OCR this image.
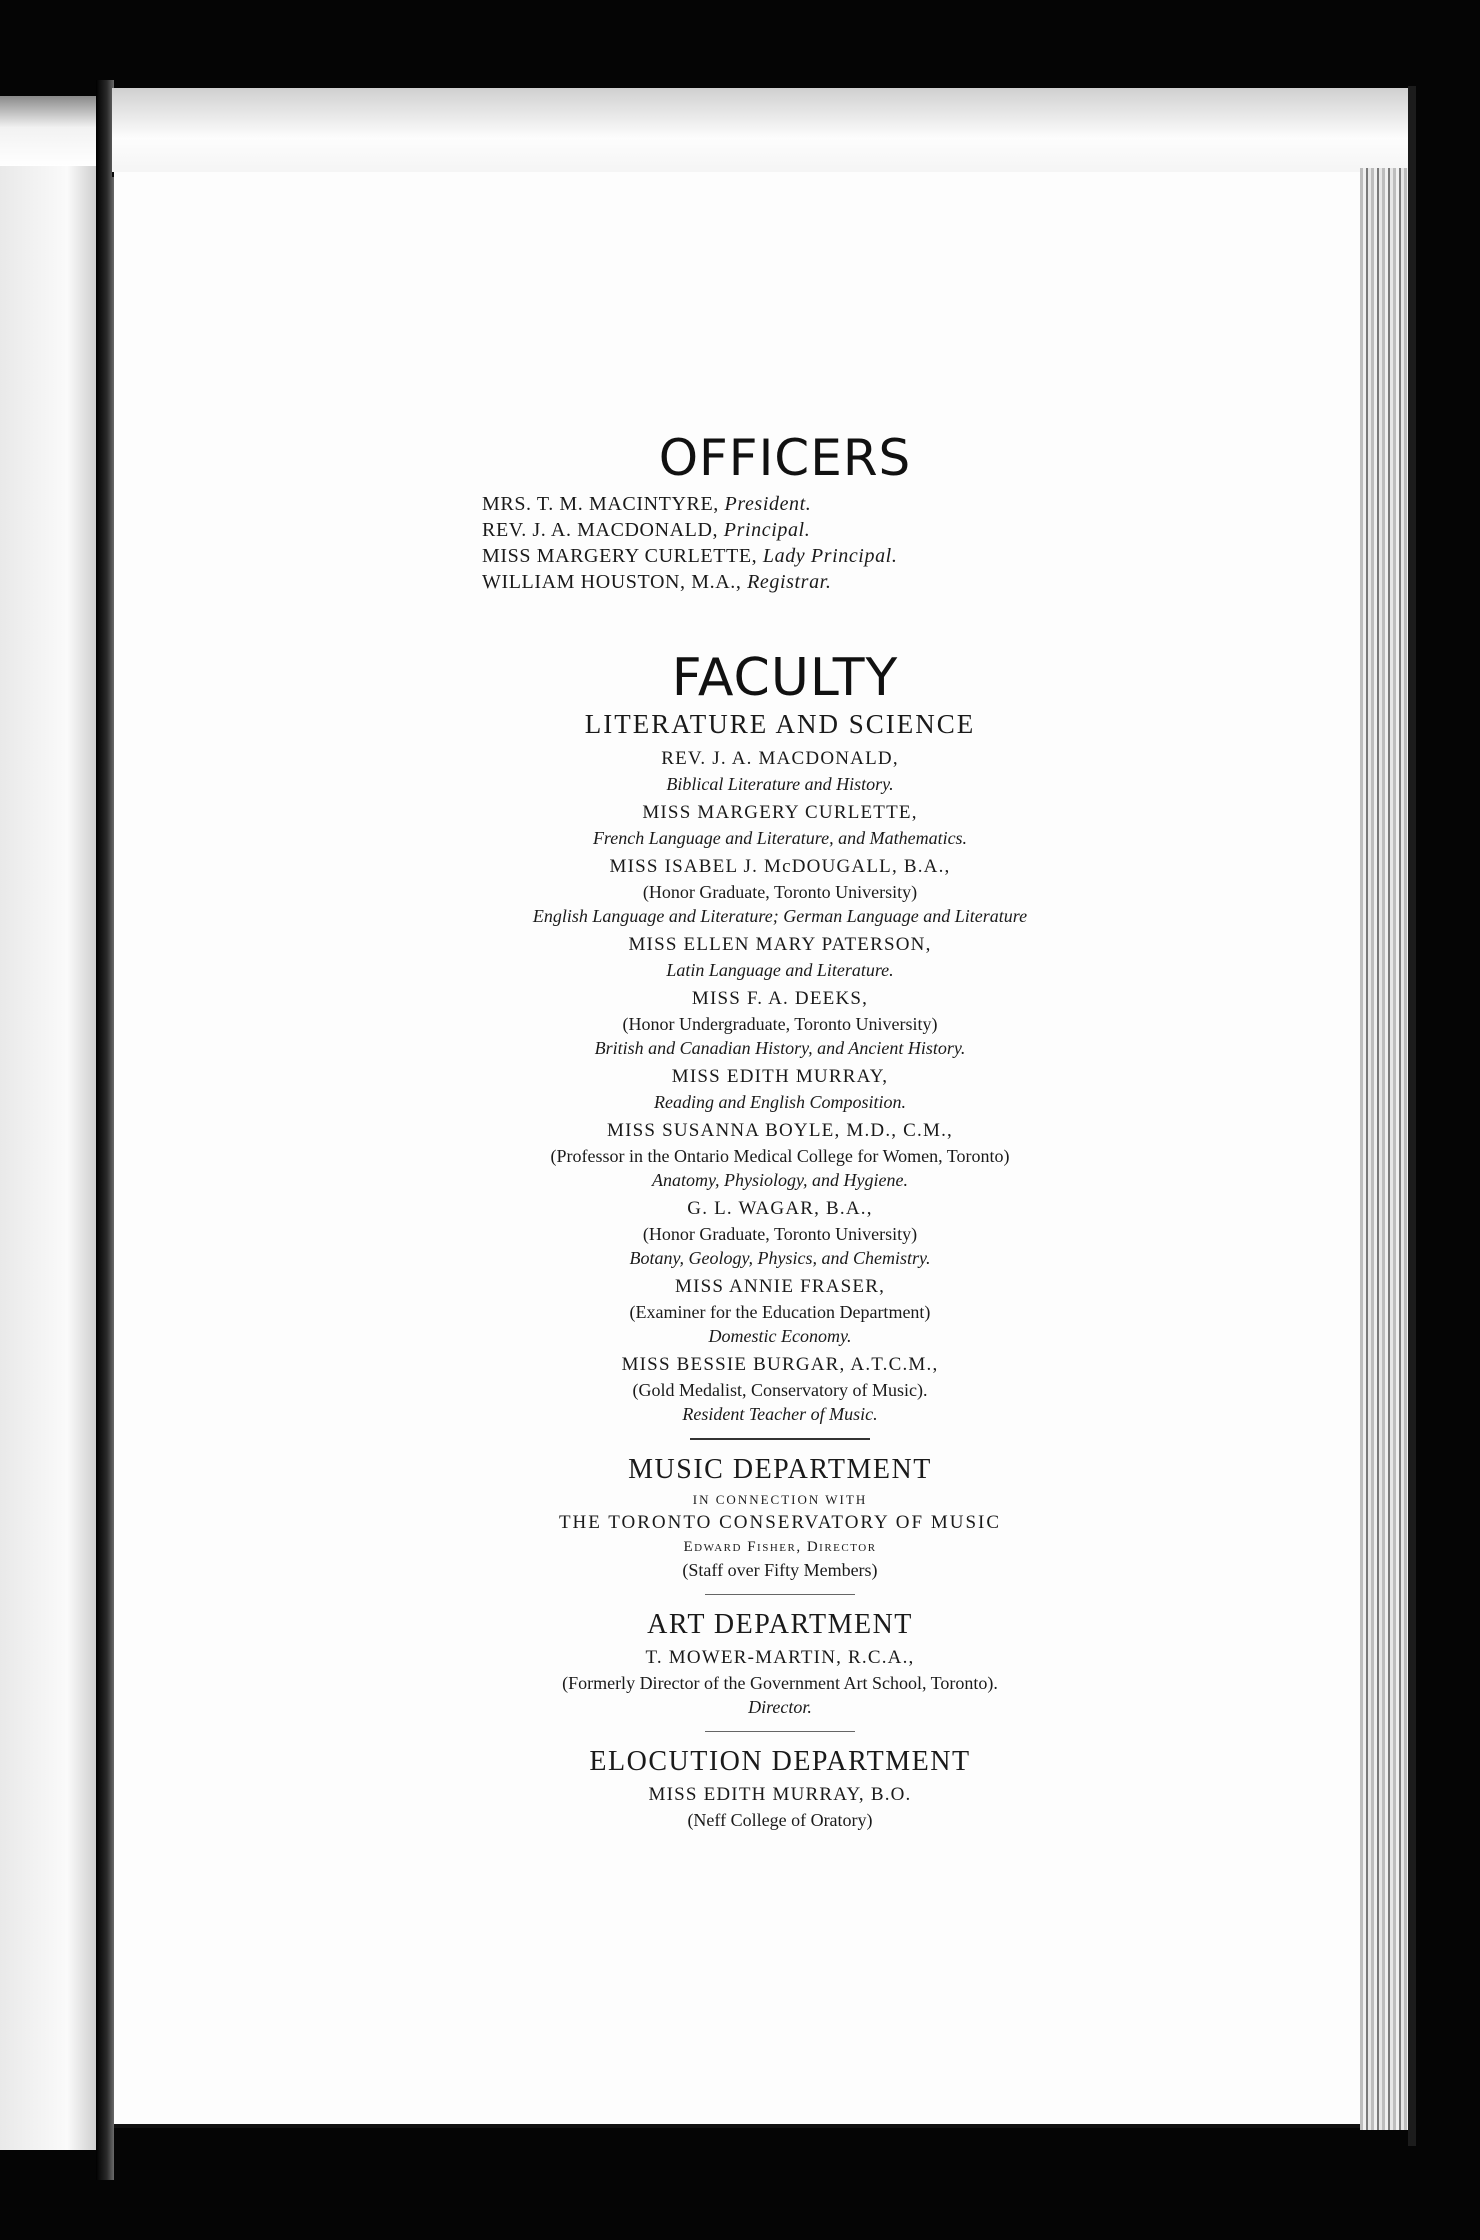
OFFICERS
MRS. T. M. MACINTYRE, President.
REV. J. A. MACDONALD, Principal.
MISS MARGERY CURLETTE, Lady Principal.
WILLIAM HOUSTON, M.A., Registrar.
FACULTY
LITERATURE AND SCIENCE
REV. J. A. MACDONALD,
Biblical Literature and History.
MISS MARGERY CURLETTE,
French Language and Literature, and Mathematics.
MISS ISABEL J. McDOUGALL, B.A.,
(Honor Graduate, Toronto University)
English Language and Literature; German Language and Literature
MISS ELLEN MARY PATERSON,
Latin Language and Literature.
MISS F. A. DEEKS,
(Honor Undergraduate, Toronto University)
British and Canadian History, and Ancient History.
MISS EDITH MURRAY,
Reading and English Composition.
MISS SUSANNA BOYLE, M.D., C.M.,
(Professor in the Ontario Medical College for Women, Toronto)
Anatomy, Physiology, and Hygiene.
G. L. WAGAR, B.A.,
(Honor Graduate, Toronto University)
Botany, Geology, Physics, and Chemistry.
MISS ANNIE FRASER,
(Examiner for the Education Department)
Domestic Economy.
MISS BESSIE BURGAR, A.T.C.M.,
(Gold Medalist, Conservatory of Music).
Resident Teacher of Music.
MUSIC DEPARTMENT
IN CONNECTION WITH
THE TORONTO CONSERVATORY OF MUSIC
Edward Fisher, Director
(Staff over Fifty Members)
ART DEPARTMENT
T. MOWER-MARTIN, R.C.A.,
(Formerly Director of the Government Art School, Toronto).
Director.
ELOCUTION DEPARTMENT
MISS EDITH MURRAY, B.O.
(Neff College of Oratory)
